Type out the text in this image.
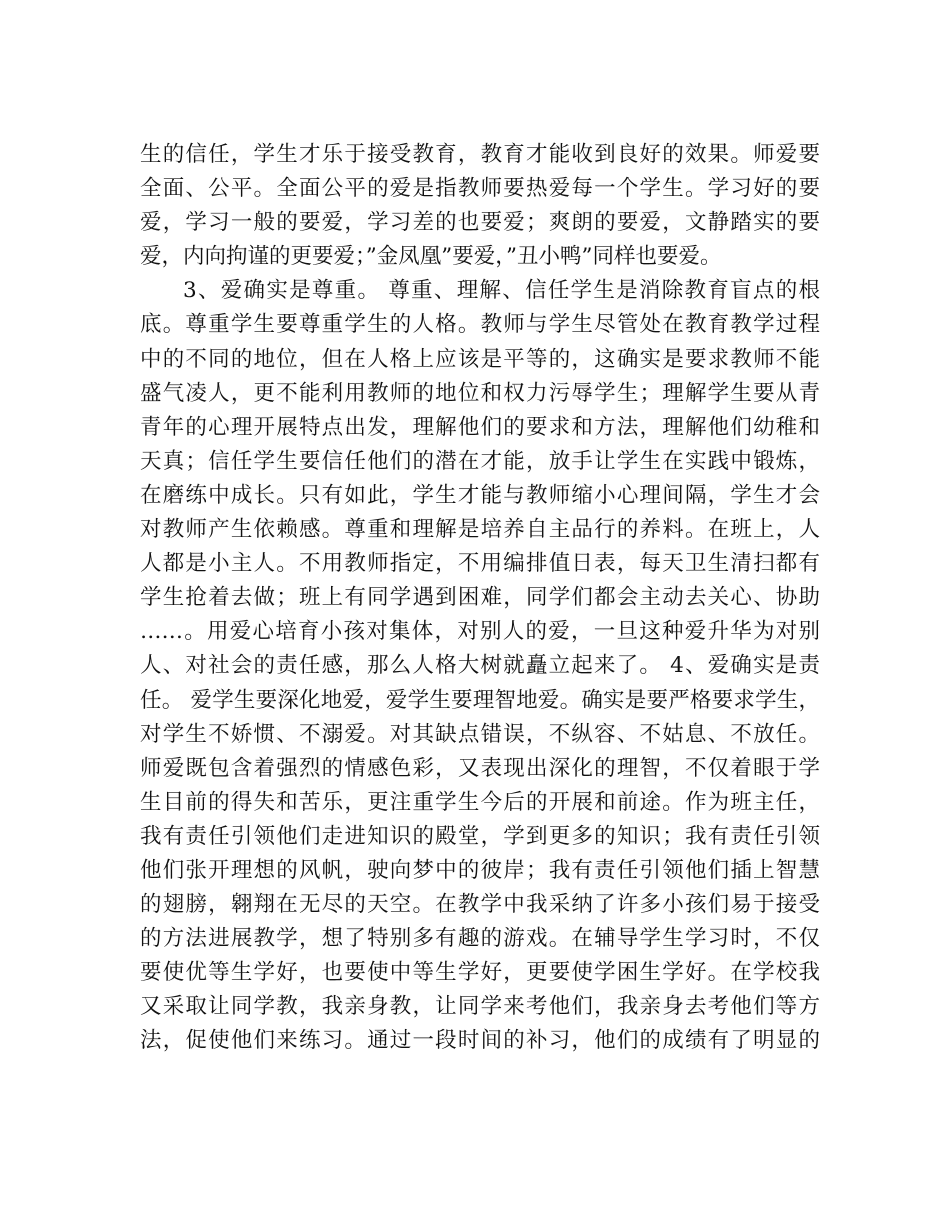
生的信任，学生才乐于接受教育，教育才能收到良好的效果。师爱要
全面、公平。全面公平的爱是指教师要热爱每一个学生。学习好的要
爱，学习一般的要爱，学习差的也要爱；爽朗的要爱，文静踏实的要
爱，内向拘谨的更要爱；”金凤凰”要爱，”丑小鸭”同样也要爱。
3、爱确实是尊重。 尊重、理解、信任学生是消除教育盲点的根
底。尊重学生要尊重学生的人格。教师与学生尽管处在教育教学过程
中的不同的地位，但在人格上应该是平等的，这确实是要求教师不能
盛气凌人，更不能利用教师的地位和权力污辱学生；理解学生要从青
青年的心理开展特点出发，理解他们的要求和方法，理解他们幼稚和
天真；信任学生要信任他们的潜在才能，放手让学生在实践中锻炼，
在磨练中成长。只有如此，学生才能与教师缩小心理间隔，学生才会
对教师产生依赖感。尊重和理解是培养自主品行的养料。在班上，人
人都是小主人。不用教师指定，不用编排值日表，每天卫生清扫都有
学生抢着去做；班上有同学遇到困难，同学们都会主动去关心、协助
……。用爱心培育小孩对集体，对别人的爱，一旦这种爱升华为对别
人、对社会的责任感，那么人格大树就矗立起来了。 4、爱确实是责
任。 爱学生要深化地爱，爱学生要理智地爱。确实是要严格要求学生，
对学生不娇惯、不溺爱。对其缺点错误，不纵容、不姑息、不放任。
师爱既包含着强烈的情感色彩，又表现出深化的理智，不仅着眼于学
生目前的得失和苦乐，更注重学生今后的开展和前途。作为班主任，
我有责任引领他们走进知识的殿堂，学到更多的知识；我有责任引领
他们张开理想的风帆，驶向梦中的彼岸；我有责任引领他们插上智慧
的翅膀，翱翔在无尽的天空。在教学中我采纳了许多小孩们易于接受
的方法进展教学，想了特别多有趣的游戏。在辅导学生学习时，不仅
要使优等生学好，也要使中等生学好，更要使学困生学好。在学校我
又采取让同学教，我亲身教，让同学来考他们，我亲身去考他们等方
法，促使他们来练习。通过一段时间的补习，他们的成绩有了明显的
